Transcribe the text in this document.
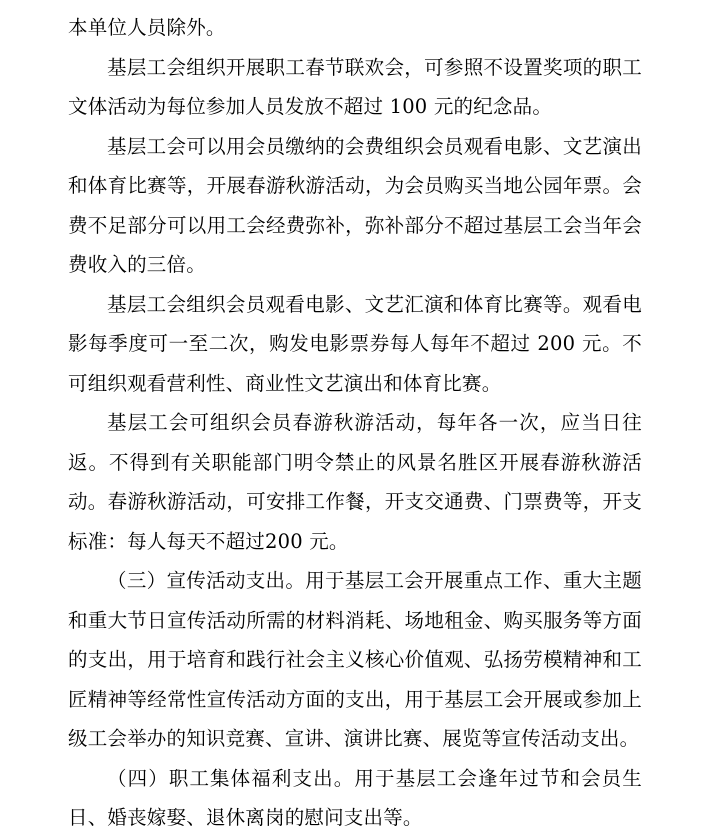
本单位人员除外。

基层工会组织开展职工春节联欢会，可参照不设置奖项的职工文体活动为每位参加人员发放不超过 100 元的纪念品。

基层工会可以用会员缴纳的会费组织会员观看电影、文艺演出和体育比赛等，开展春游秋游活动，为会员购买当地公园年票。会费不足部分可以用工会经费弥补，弥补部分不超过基层工会当年会费收入的三倍。

基层工会组织会员观看电影、文艺汇演和体育比赛等。观看电影每季度可一至二次，购发电影票券每人每年不超过 200 元。不可组织观看营利性、商业性文艺演出和体育比赛。

基层工会可组织会员春游秋游活动，每年各一次，应当日往返。不得到有关职能部门明令禁止的风景名胜区开展春游秋游活动。春游秋游活动，可安排工作餐，开支交通费、门票费等，开支标准：每人每天不超过200 元。

（三）宣传活动支出。用于基层工会开展重点工作、重大主题和重大节日宣传活动所需的材料消耗、场地租金、购买服务等方面的支出，用于培育和践行社会主义核心价值观、弘扬劳模精神和工匠精神等经常性宣传活动方面的支出，用于基层工会开展或参加上级工会举办的知识竞赛、宣讲、演讲比赛、展览等宣传活动支出。

（四）职工集体福利支出。用于基层工会逢年过节和会员生日、婚丧嫁娶、退休离岗的慰问支出等。
